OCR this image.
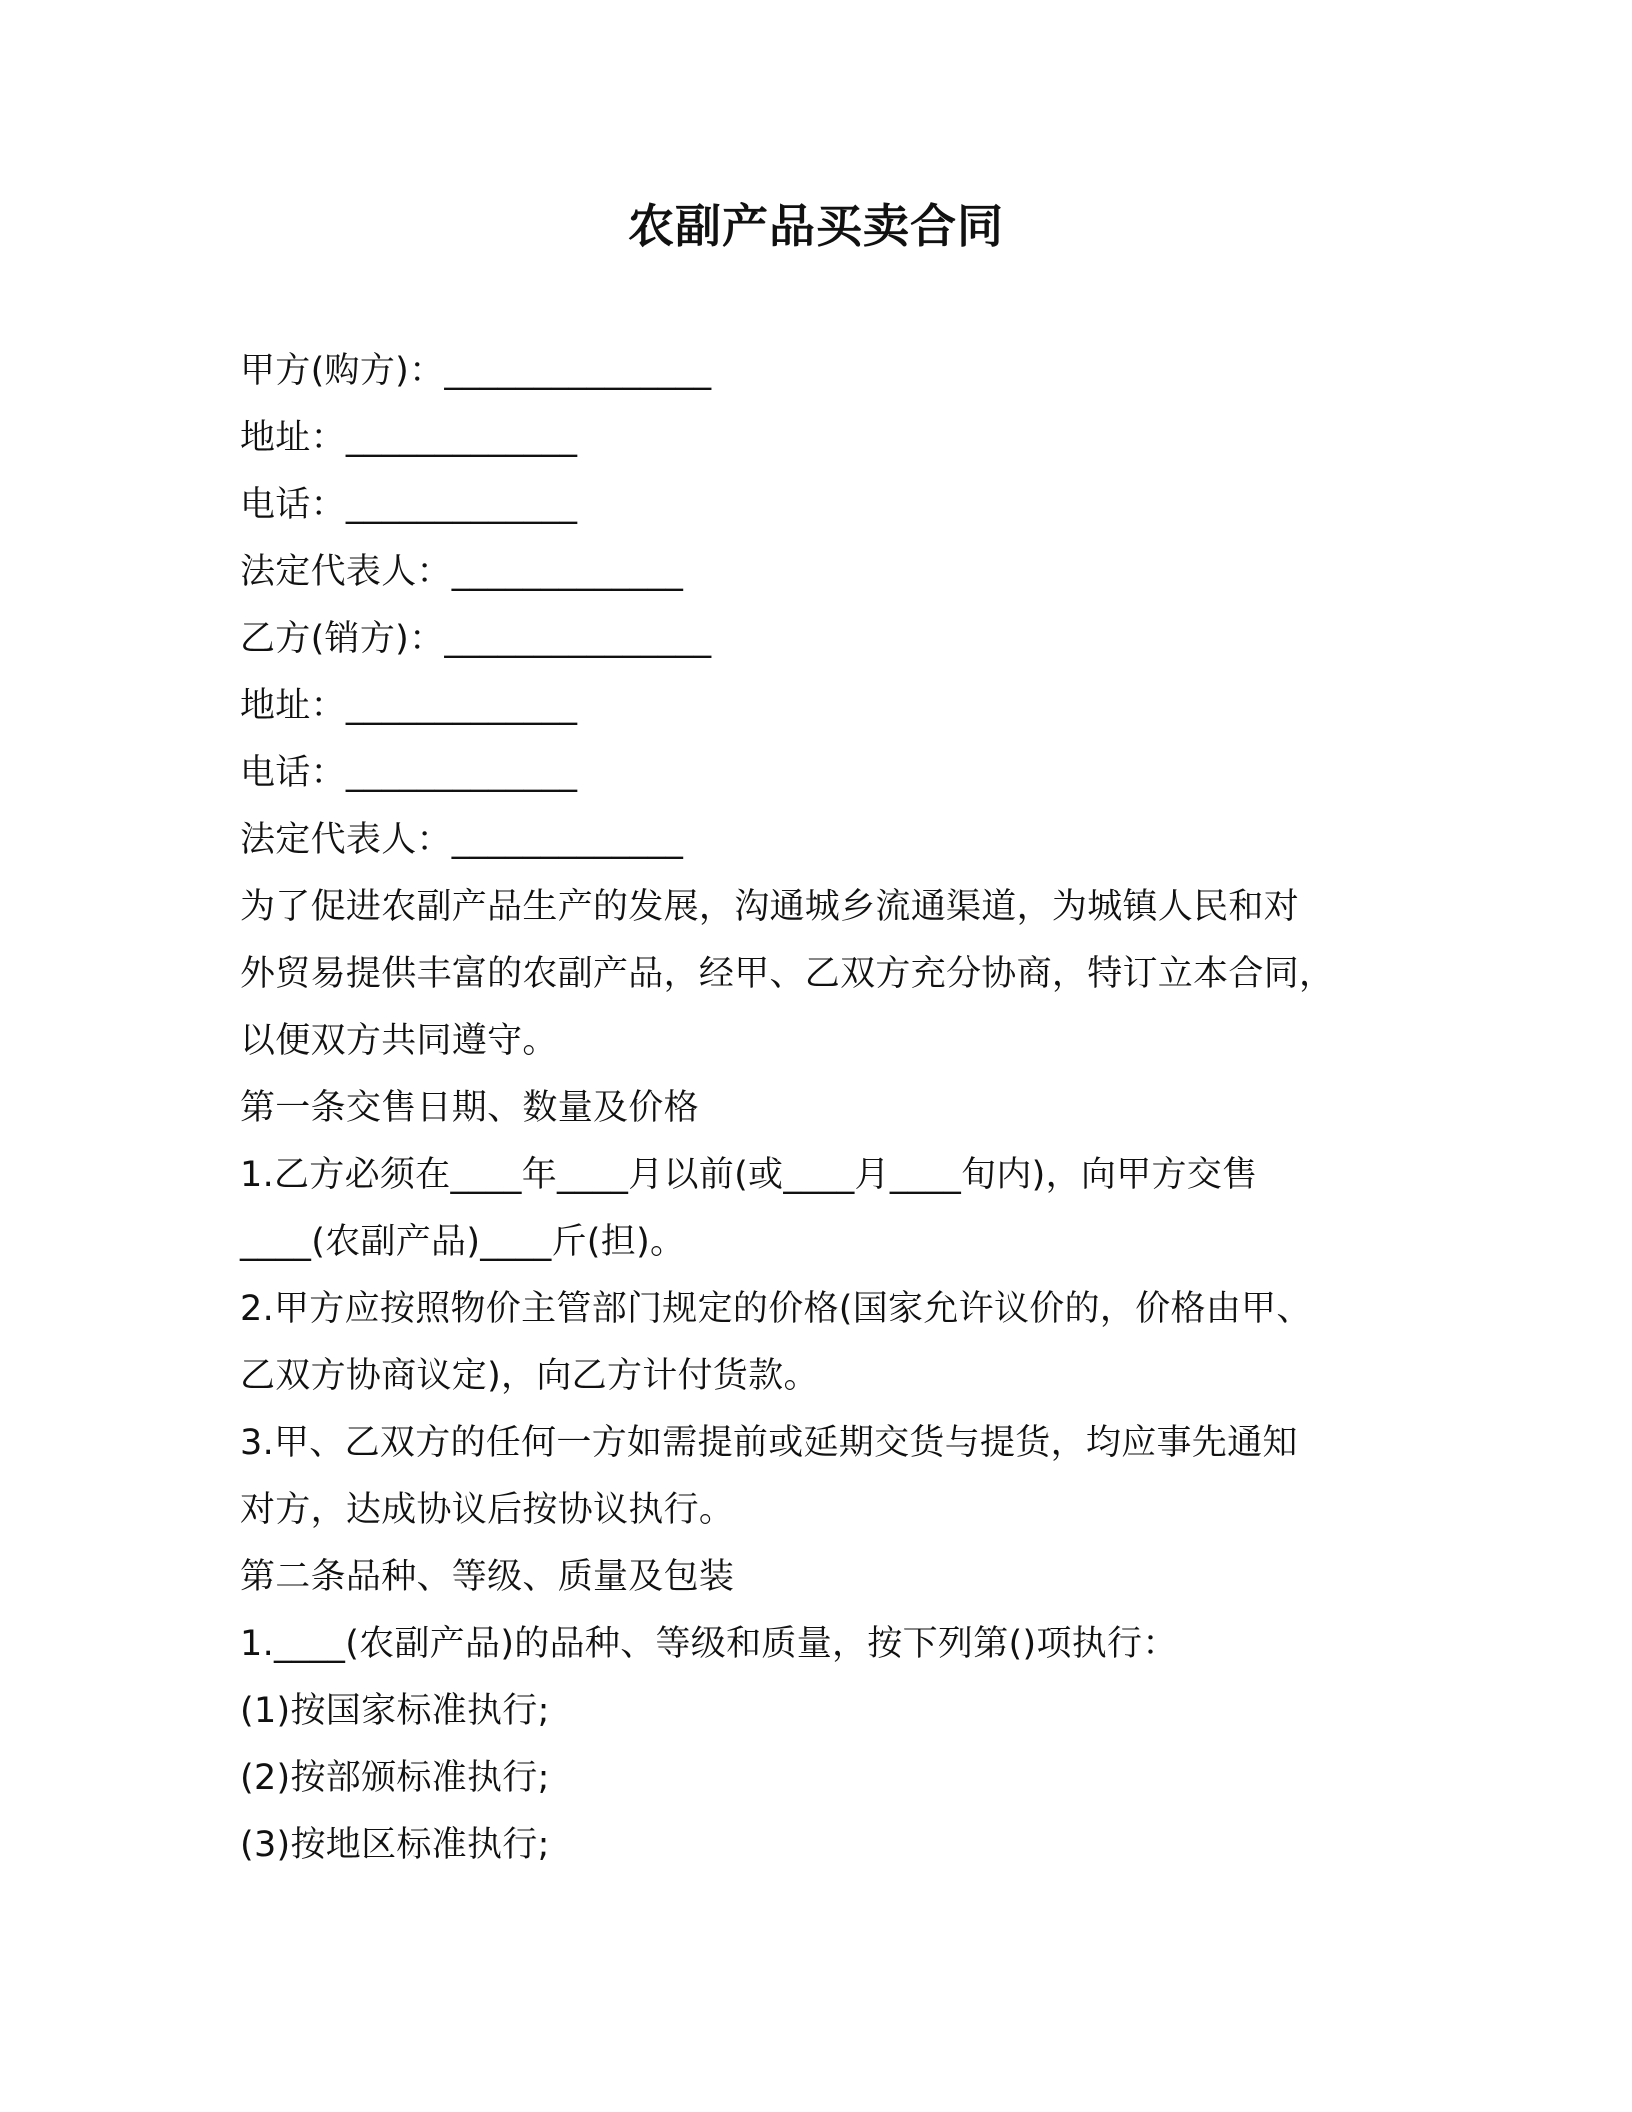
农副产品买卖合同
甲方(购方)：_______________
地址：_____________
电话：_____________
法定代表人：_____________
乙方(销方)：_______________
地址：_____________
电话：_____________
法定代表人：_____________
为了促进农副产品生产的发展，沟通城乡流通渠道，为城镇人民和对
外贸易提供丰富的农副产品，经甲、乙双方充分协商，特订立本合同，
以便双方共同遵守。
第一条交售日期、数量及价格
1.乙方必须在____年____月以前(或____月____旬内)，向甲方交售
____(农副产品)____斤(担)。
2.甲方应按照物价主管部门规定的价格(国家允许议价的，价格由甲、
乙双方协商议定)，向乙方计付货款。
3.甲、乙双方的任何一方如需提前或延期交货与提货，均应事先通知
对方，达成协议后按协议执行。
第二条品种、等级、质量及包装
1.____(农副产品)的品种、等级和质量，按下列第()项执行：
(1)按国家标准执行;
(2)按部颁标准执行;
(3)按地区标准执行;
